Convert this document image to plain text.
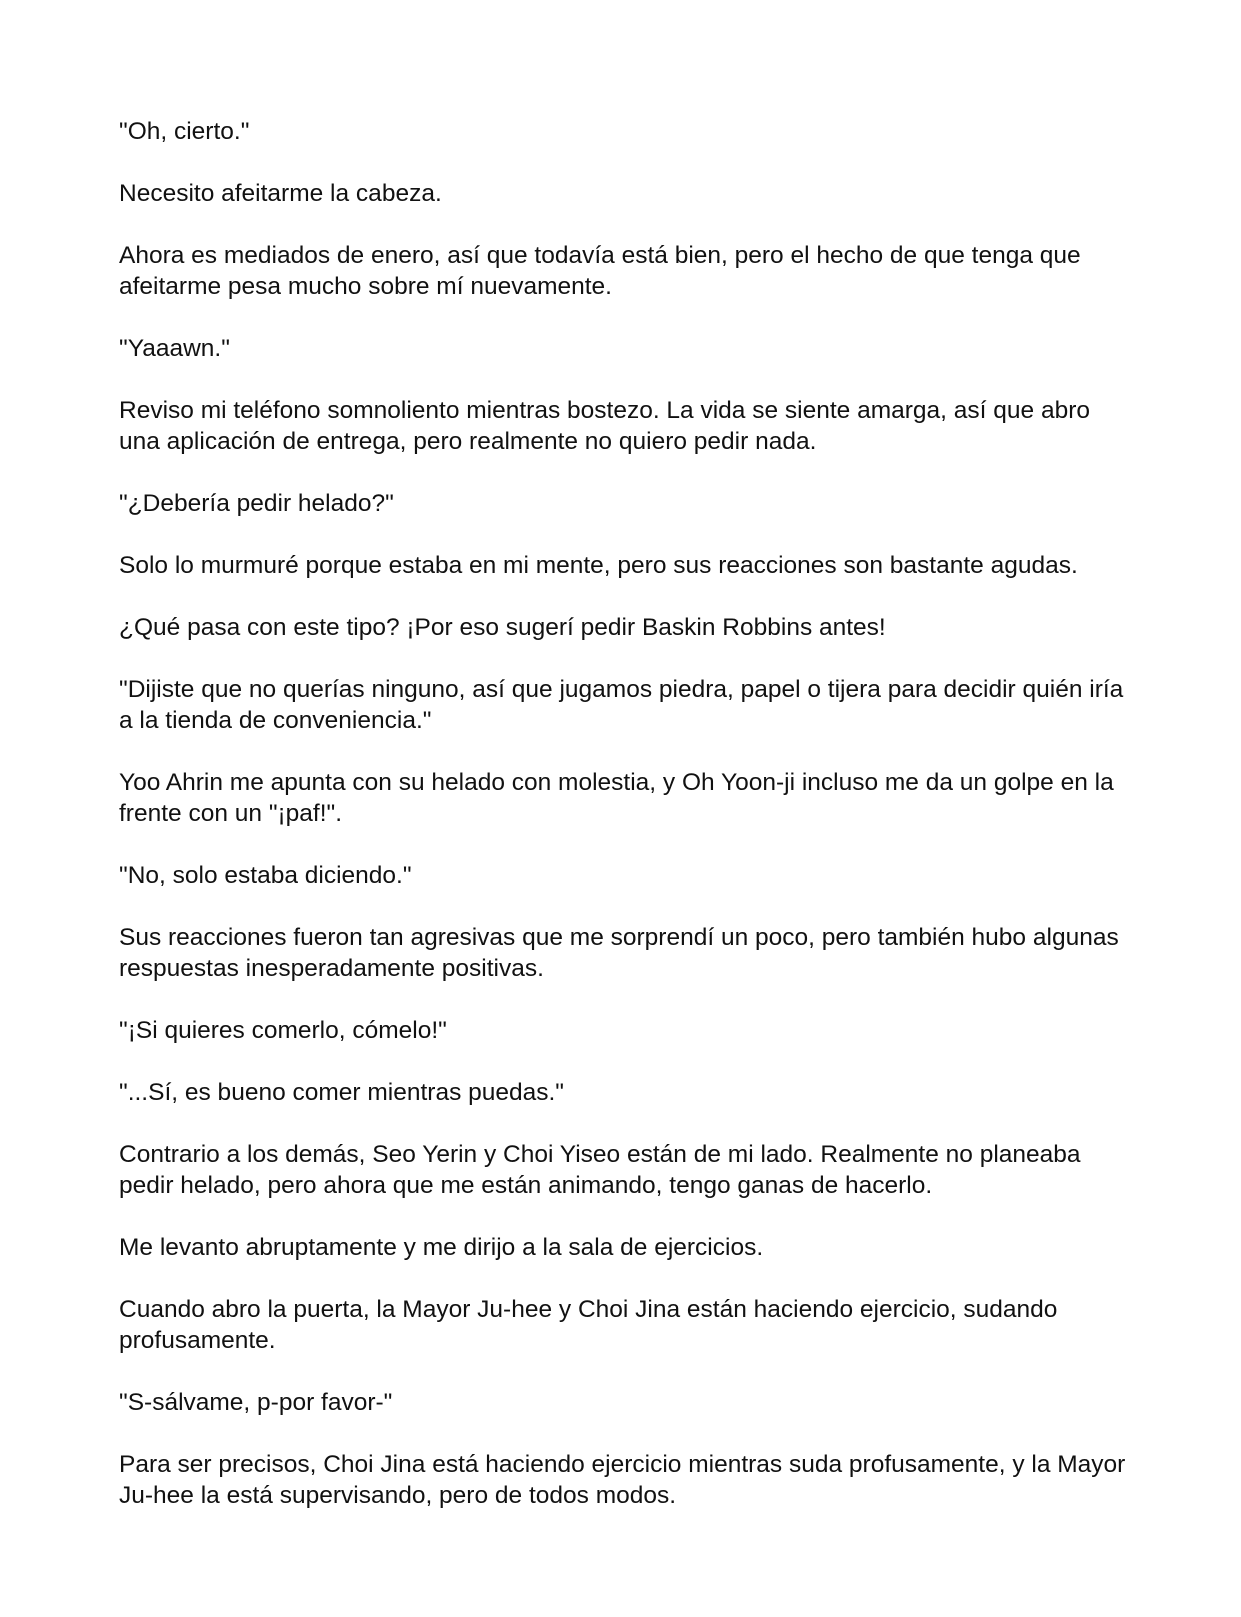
"Oh, cierto."

Necesito afeitarme la cabeza.

Ahora es mediados de enero, así que todavía está bien, pero el hecho de que tenga que afeitarme pesa mucho sobre mí nuevamente.

"Yaaawn."

Reviso mi teléfono somnoliento mientras bostezo. La vida se siente amarga, así que abro una aplicación de entrega, pero realmente no quiero pedir nada.

"¿Debería pedir helado?"

Solo lo murmuré porque estaba en mi mente, pero sus reacciones son bastante agudas.

¿Qué pasa con este tipo? ¡Por eso sugerí pedir Baskin Robbins antes!

"Dijiste que no querías ninguno, así que jugamos piedra, papel o tijera para decidir quién iría a la tienda de conveniencia."

Yoo Ahrin me apunta con su helado con molestia, y Oh Yoon-ji incluso me da un golpe en la frente con un "¡paf!".

"No, solo estaba diciendo."

Sus reacciones fueron tan agresivas que me sorprendí un poco, pero también hubo algunas respuestas inesperadamente positivas.

"¡Si quieres comerlo, cómelo!"

"...Sí, es bueno comer mientras puedas."

Contrario a los demás, Seo Yerin y Choi Yiseo están de mi lado. Realmente no planeaba pedir helado, pero ahora que me están animando, tengo ganas de hacerlo.

Me levanto abruptamente y me dirijo a la sala de ejercicios.

Cuando abro la puerta, la Mayor Ju-hee y Choi Jina están haciendo ejercicio, sudando profusamente.

"S-sálvame, p-por favor-"

Para ser precisos, Choi Jina está haciendo ejercicio mientras suda profusamente, y la Mayor Ju-hee la está supervisando, pero de todos modos.
